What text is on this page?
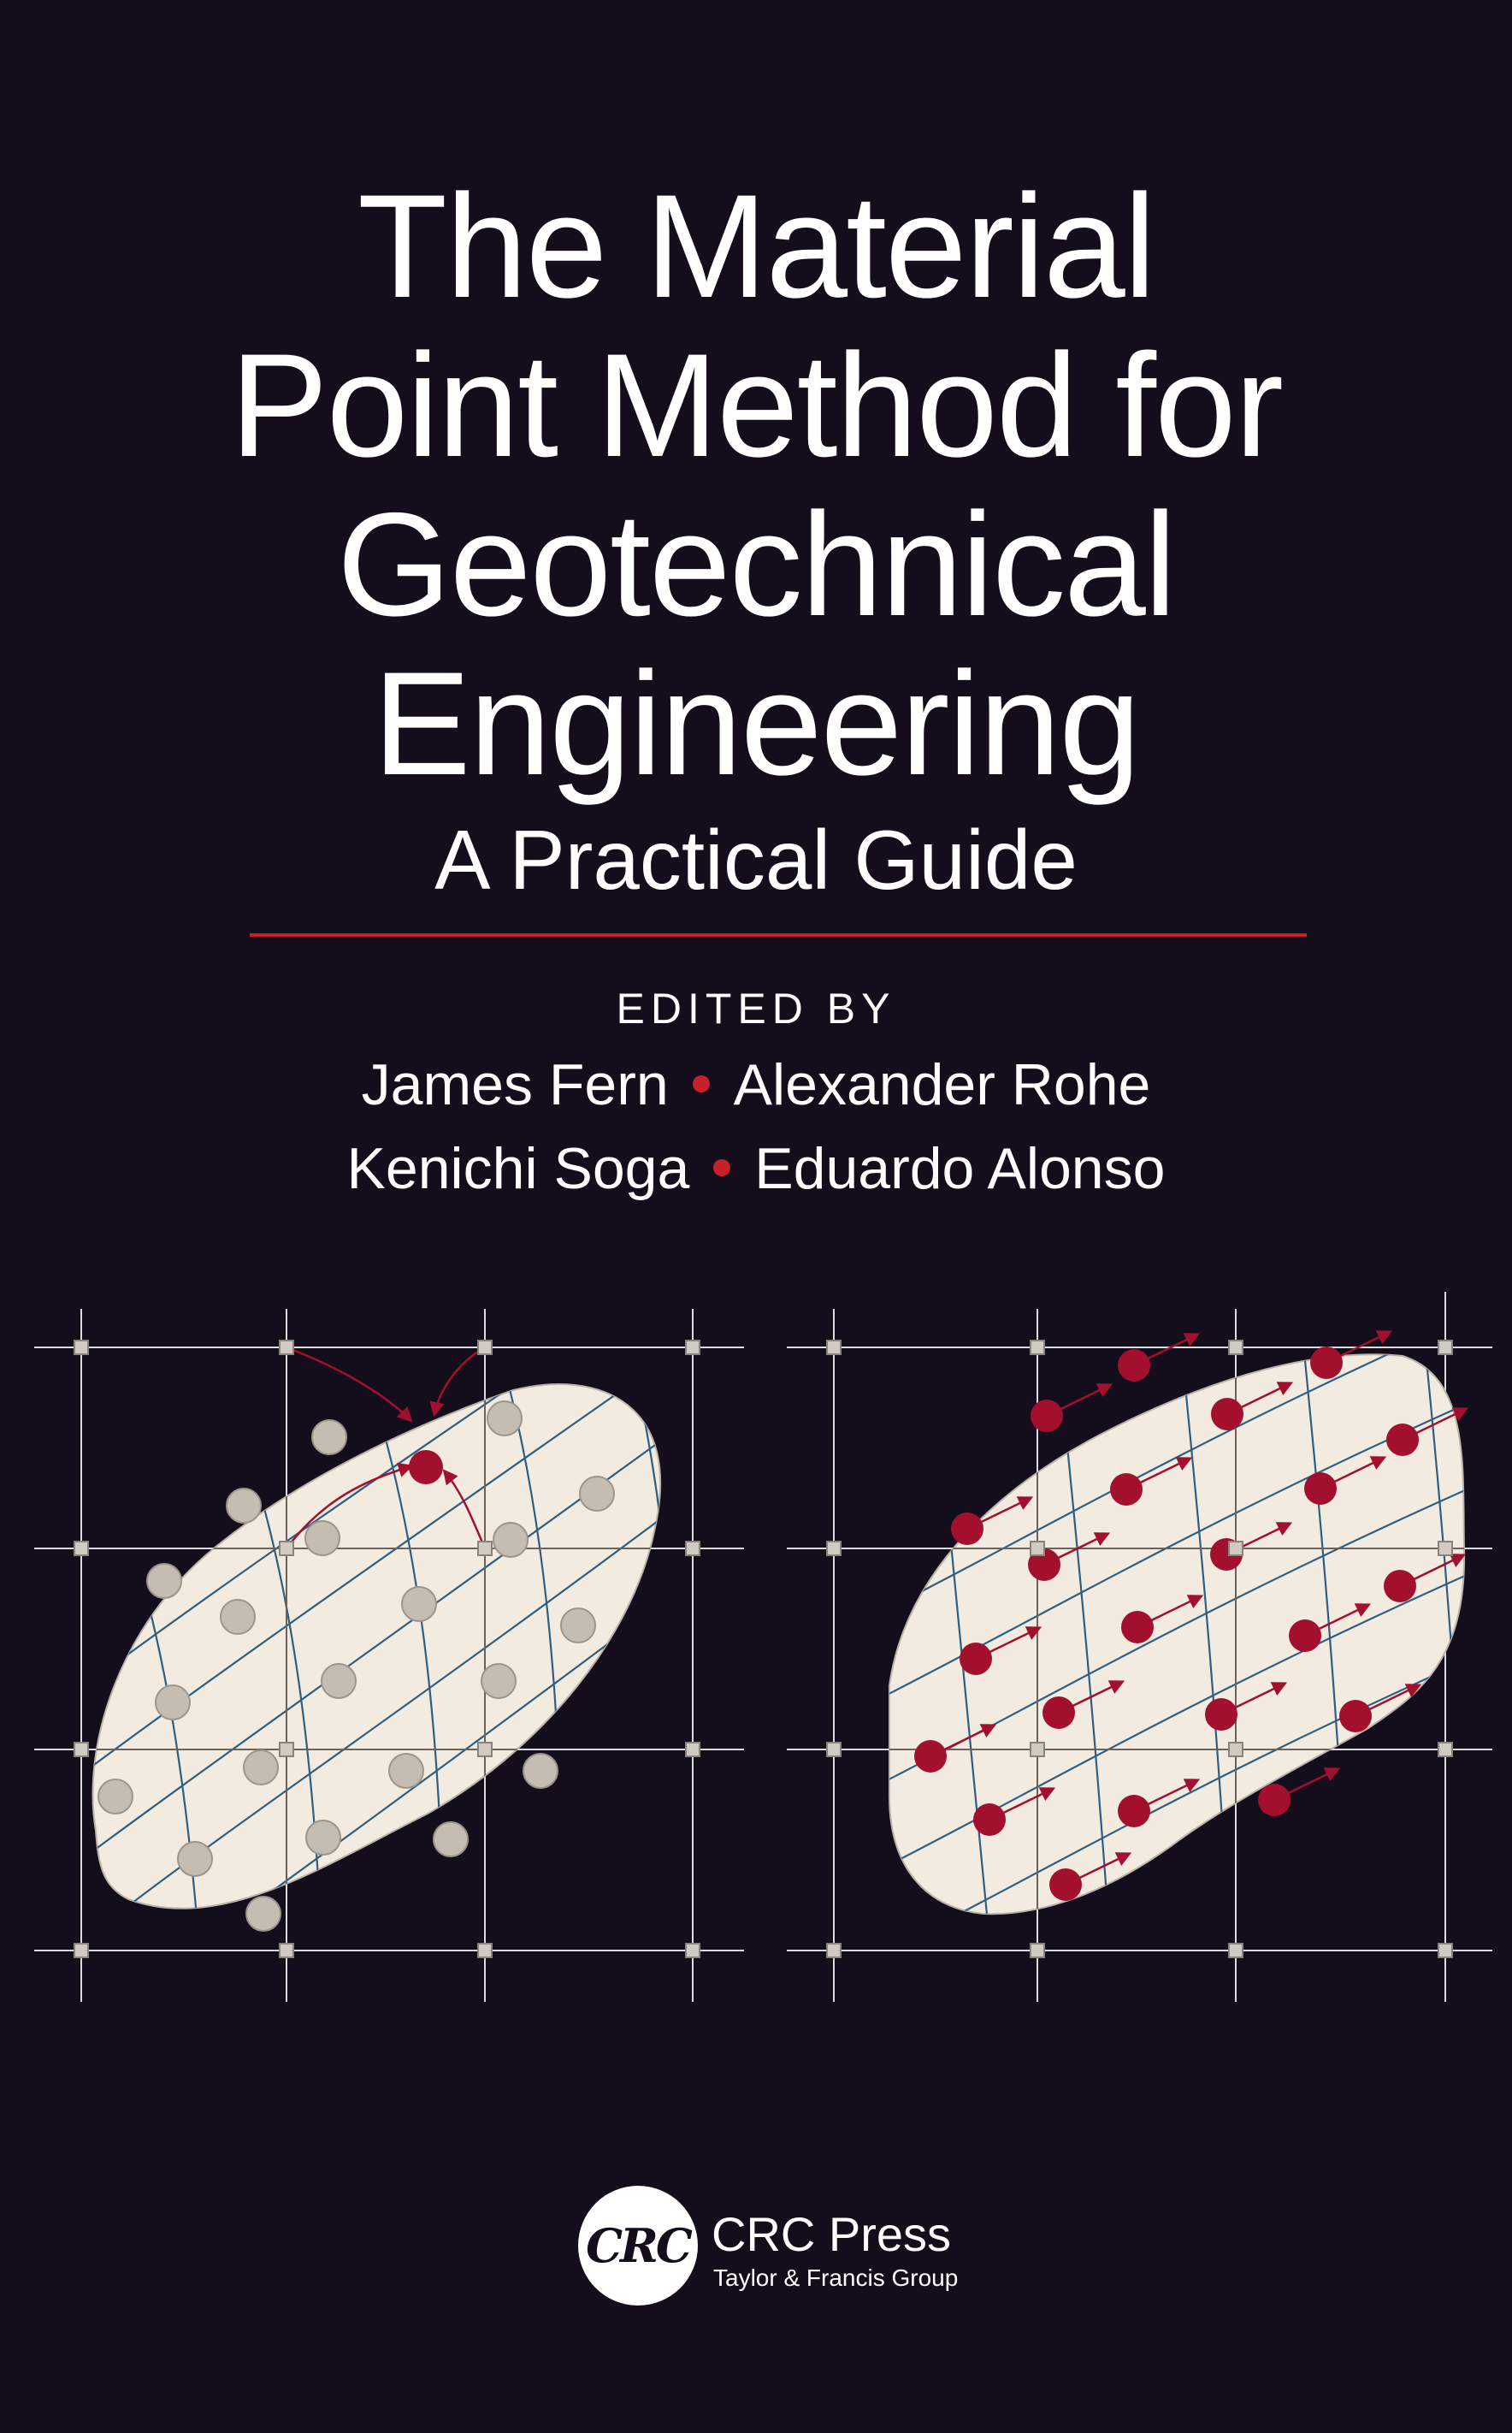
The Material
Point Method for
Geotechnical
Engineering
A Practical Guide
EDITED BY
James Fern Alexander Rohe
Kenichi Soga Eduardo Alonso
CRC CRC Press
Taylor & Francis Group
